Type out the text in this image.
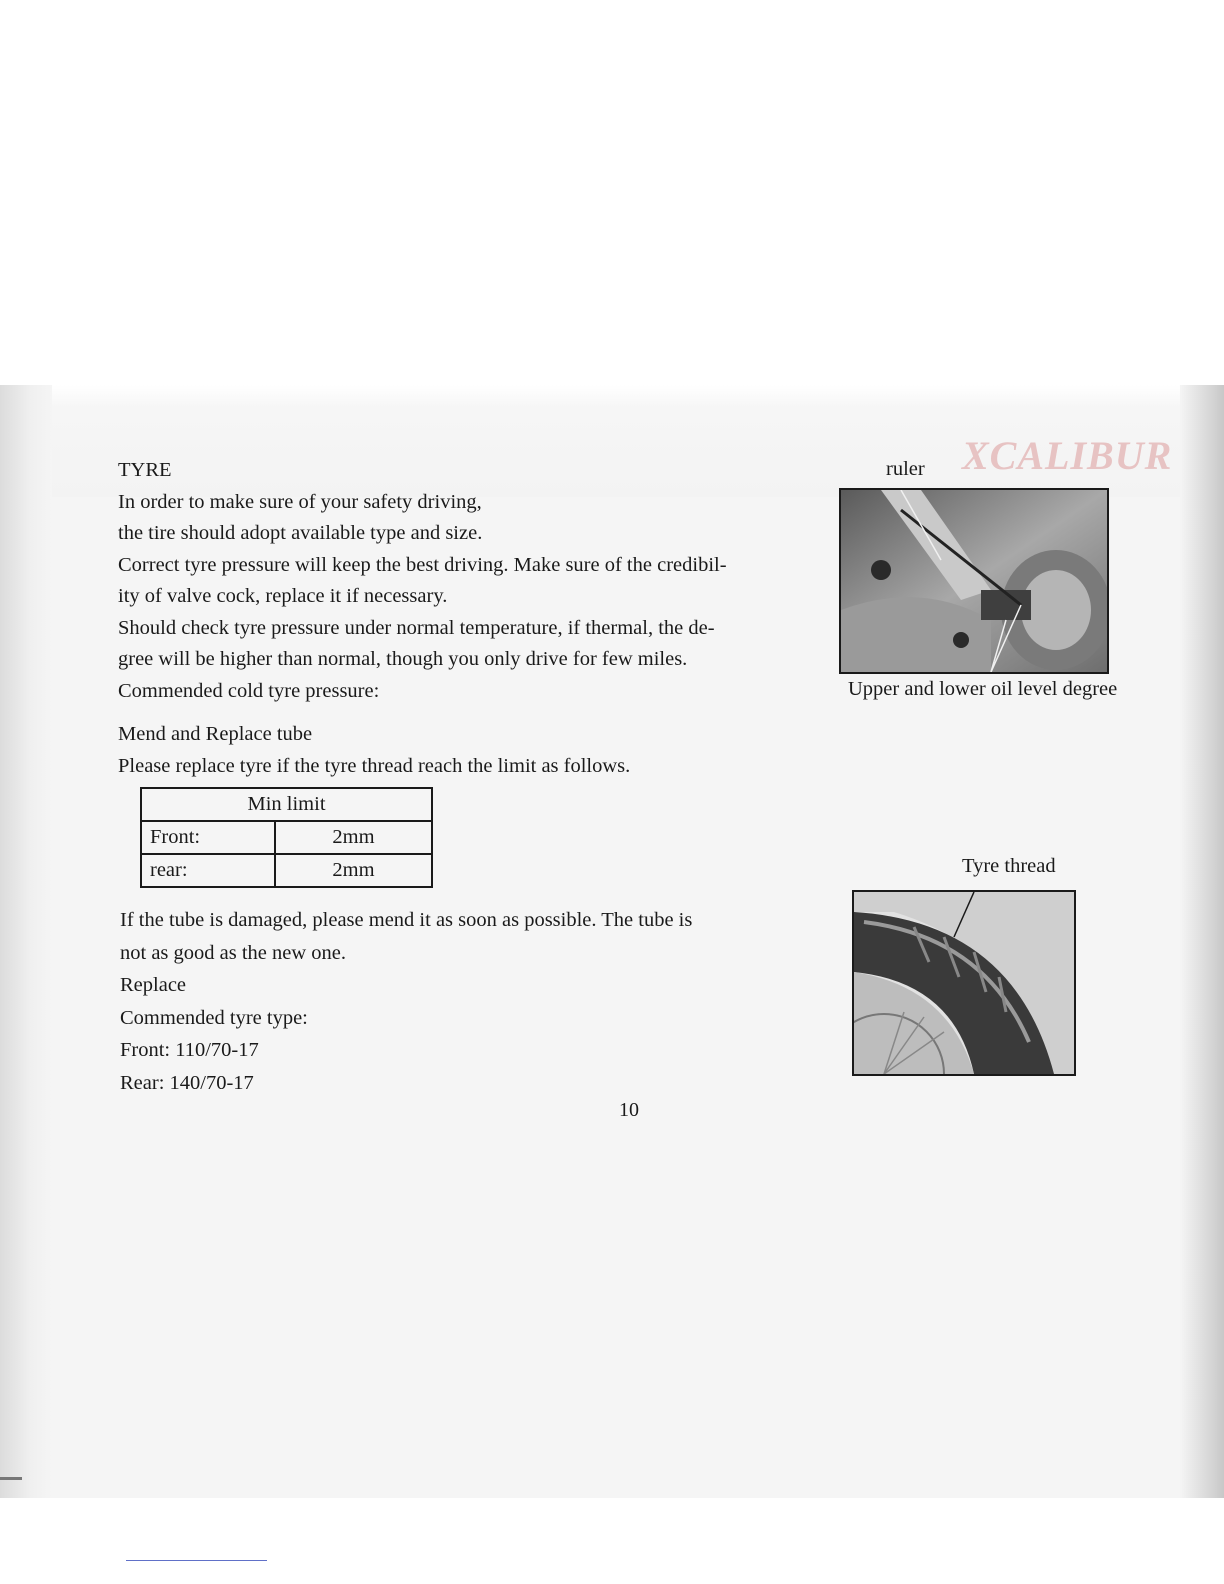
XCALIBUR
TYRE
In order to make sure of your safety driving,
the tire should adopt available type and size.
Correct tyre pressure will keep the best driving. Make sure of the credibil-
ity of valve cock, replace it if necessary.
Should check tyre pressure under normal temperature, if thermal, the de-
gree will be higher than normal, though you only drive for few miles.
Commended cold tyre pressure:
Mend and Replace tube
Please replace tyre if the tyre thread reach the limit as follows.
Min limit	
Front:	2mm
rear:	2mm
If the tube is damaged, please mend it as soon as possible. The tube is
not as good as the new one.
Replace
Commended tyre type:
Front: 110/70-17
Rear: 140/70-17
ruler
Upper and lower oil level degree
Tyre thread
10
